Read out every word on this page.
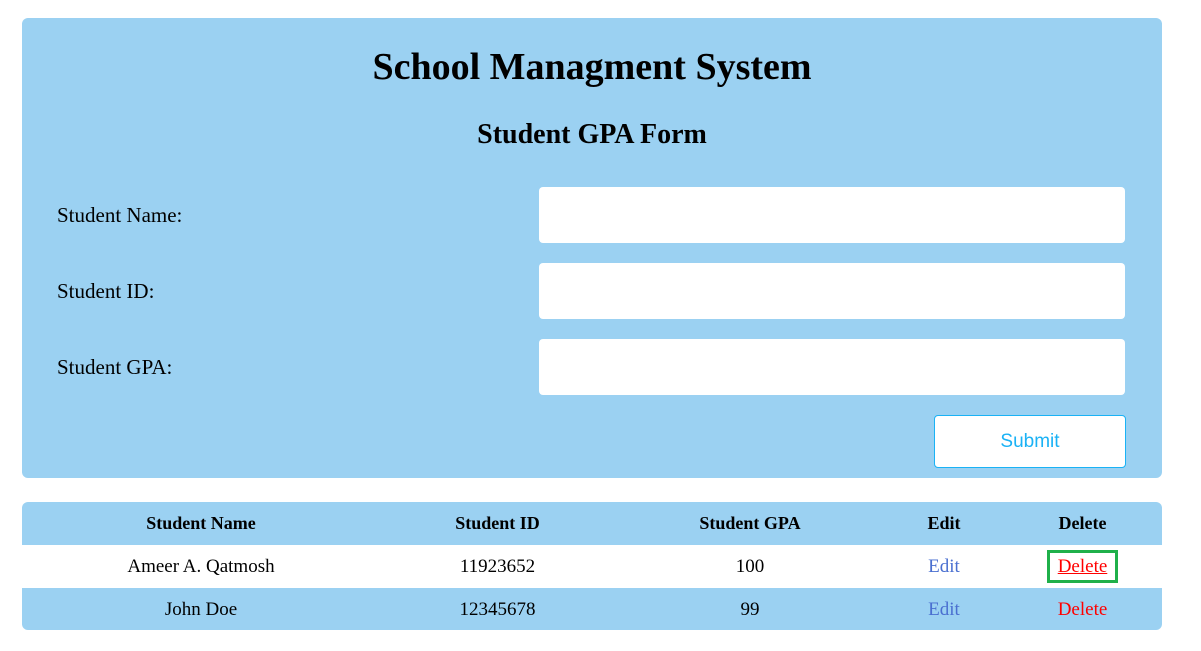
School Managment System
Student GPA Form
Student Name:
Student ID:
Student GPA:
Submit
Student Name	Student ID	Student GPA	Edit	Delete
Ameer A. Qatmosh	11923652	100	Edit	Delete
John Doe	12345678	99	Edit	Delete
